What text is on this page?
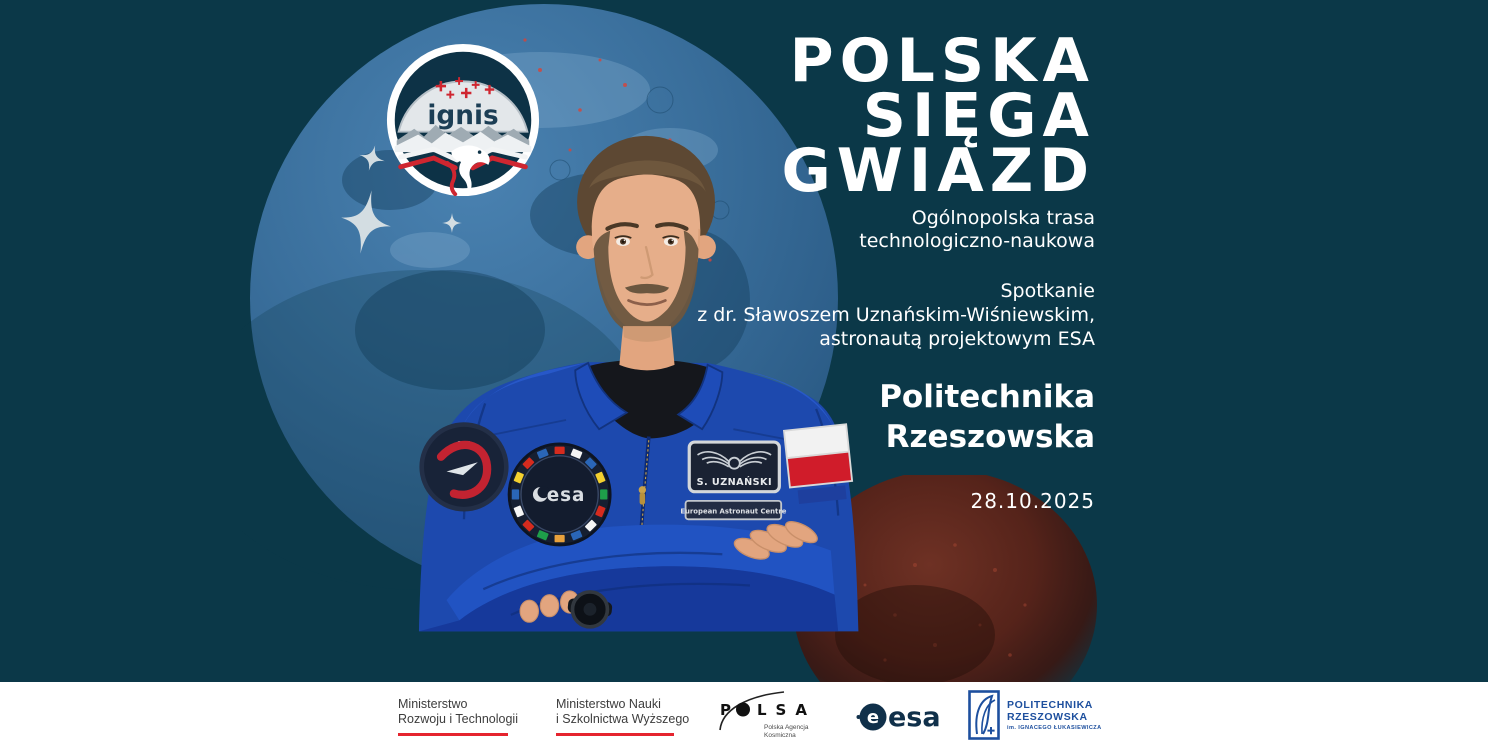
esa
S. UZNAŃSKI
European Astronaut Centre
esa
ignis
POLSKA
SIĘGA
GWIAZD
Ogólnopolska trasa
technologiczno-naukowa
Spotkanie
z dr. Sławoszem Uznańskim-Wiśniewskim,
astronautą projektowym ESA
Politechnika
Rzeszowska
28.10.2025
Ministerstwo
Rozwoju i Technologii
Ministerstwo Nauki
i Szkolnictwa Wyższego P LSA
Polska Agencja
Kosmiczna
e esa	POLITECHNIKA
RZESZOWSKA
im. IGNACEGO ŁUKASIEWICZA
